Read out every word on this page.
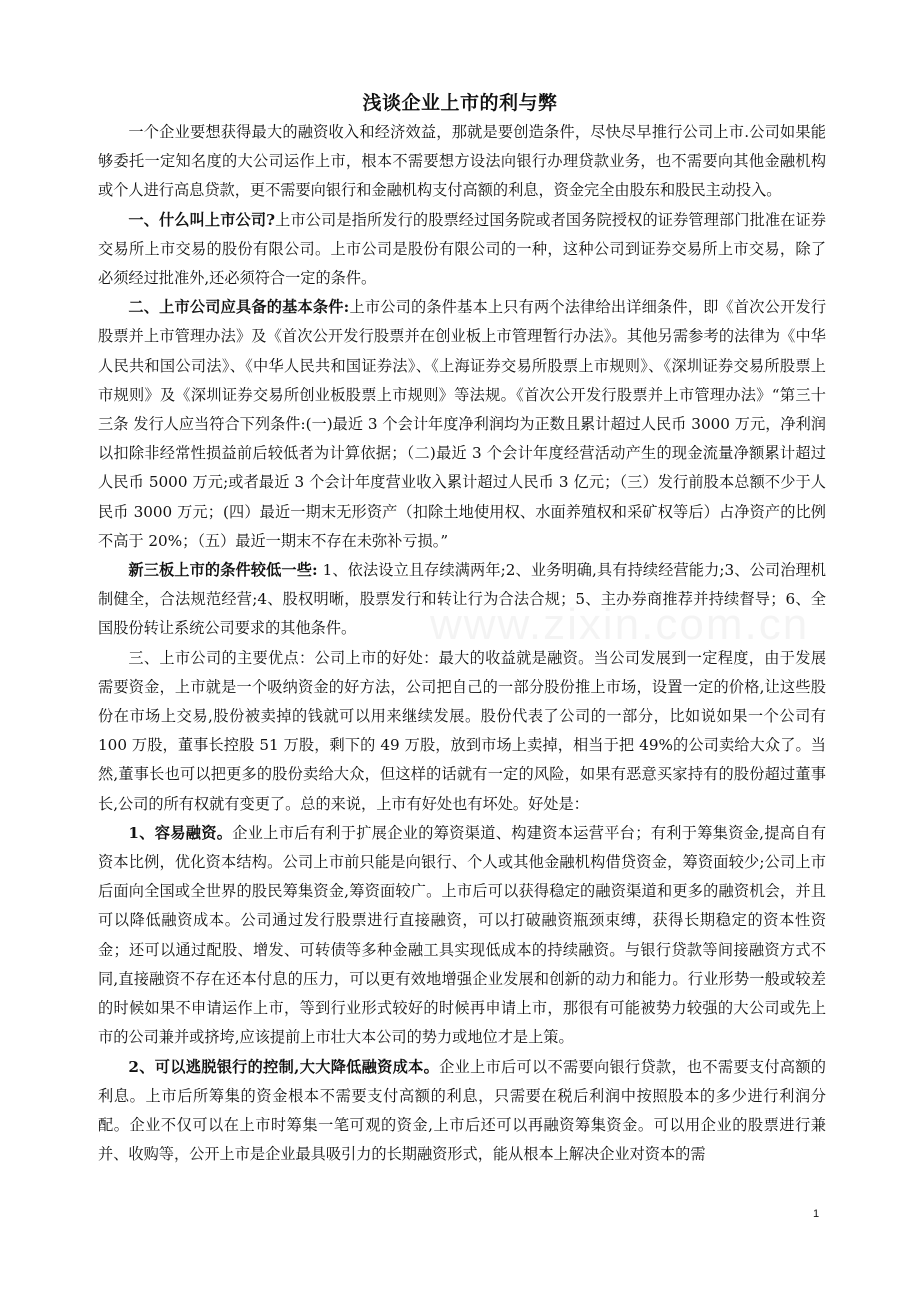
www.zixin.com.cn
浅谈企业上市的利与弊

一个企业要想获得最大的融资收入和经济效益，那就是要创造条件，尽快尽早推行公司上市.公司如果能够委托一定知名度的大公司运作上市，根本不需要想方设法向银行办理贷款业务，也不需要向其他金融机构或个人进行高息贷款，更不需要向银行和金融机构支付高额的利息，资金完全由股东和股民主动投入。

一、什么叫上市公司?上市公司是指所发行的股票经过国务院或者国务院授权的证券管理部门批准在证券交易所上市交易的股份有限公司。上市公司是股份有限公司的一种，这种公司到证券交易所上市交易，除了必须经过批准外,还必须符合一定的条件。

二、上市公司应具备的基本条件:上市公司的条件基本上只有两个法律给出详细条件，即《首次公开发行股票并上市管理办法》及《首次公开发行股票并在创业板上市管理暂行办法》。其他另需参考的法律为《中华人民共和国公司法》、《中华人民共和国证券法》、《上海证券交易所股票上市规则》、《深圳证券交易所股票上市规则》及《深圳证券交易所创业板股票上市规则》等法规。《首次公开发行股票并上市管理办法》“第三十三条 发行人应当符合下列条件:(一)最近 3 个会计年度净利润均为正数且累计超过人民币 3000 万元，净利润以扣除非经常性损益前后较低者为计算依据；（二)最近 3 个会计年度经营活动产生的现金流量净额累计超过人民币 5000 万元;或者最近 3 个会计年度营业收入累计超过人民币 3 亿元；（三）发行前股本总额不少于人民币 3000 万元；(四）最近一期末无形资产（扣除土地使用权、水面养殖权和采矿权等后）占净资产的比例不高于 20%；（五）最近一期末不存在未弥补亏损。”

新三板上市的条件较低一些: 1、依法设立且存续满两年;2、业务明确,具有持续经营能力;3、公司治理机制健全，合法规范经营;4、股权明晰，股票发行和转让行为合法合规；5、主办券商推荐并持续督导；6、全国股份转让系统公司要求的其他条件。

三、上市公司的主要优点：公司上市的好处：最大的收益就是融资。当公司发展到一定程度，由于发展需要资金，上市就是一个吸纳资金的好方法，公司把自己的一部分股份推上市场，设置一定的价格,让这些股份在市场上交易,股份被卖掉的钱就可以用来继续发展。股份代表了公司的一部分，比如说如果一个公司有 100 万股，董事长控股 51 万股，剩下的 49 万股，放到市场上卖掉，相当于把 49%的公司卖给大众了。当然,董事长也可以把更多的股份卖给大众，但这样的话就有一定的风险，如果有恶意买家持有的股份超过董事长,公司的所有权就有变更了。总的来说，上市有好处也有坏处。好处是：

1、容易融资。企业上市后有利于扩展企业的筹资渠道、构建资本运营平台；有利于筹集资金,提高自有资本比例，优化资本结构。公司上市前只能是向银行、个人或其他金融机构借贷资金，筹资面较少;公司上市后面向全国或全世界的股民筹集资金,筹资面较广。上市后可以获得稳定的融资渠道和更多的融资机会，并且可以降低融资成本。公司通过发行股票进行直接融资，可以打破融资瓶颈束缚，获得长期稳定的资本性资金；还可以通过配股、增发、可转债等多种金融工具实现低成本的持续融资。与银行贷款等间接融资方式不同,直接融资不存在还本付息的压力，可以更有效地增强企业发展和创新的动力和能力。行业形势一般或较差的时候如果不申请运作上市，等到行业形式较好的时候再申请上市，那很有可能被势力较强的大公司或先上市的公司兼并或挤垮,应该提前上市壮大本公司的势力或地位才是上策。

2、可以逃脱银行的控制,大大降低融资成本。企业上市后可以不需要向银行贷款，也不需要支付高额的利息。上市后所筹集的资金根本不需要支付高额的利息，只需要在税后利润中按照股本的多少进行利润分配。企业不仅可以在上市时筹集一笔可观的资金,上市后还可以再融资筹集资金。可以用企业的股票进行兼并、收购等，公开上市是企业最具吸引力的长期融资形式，能从根本上解决企业对资本的需

1
